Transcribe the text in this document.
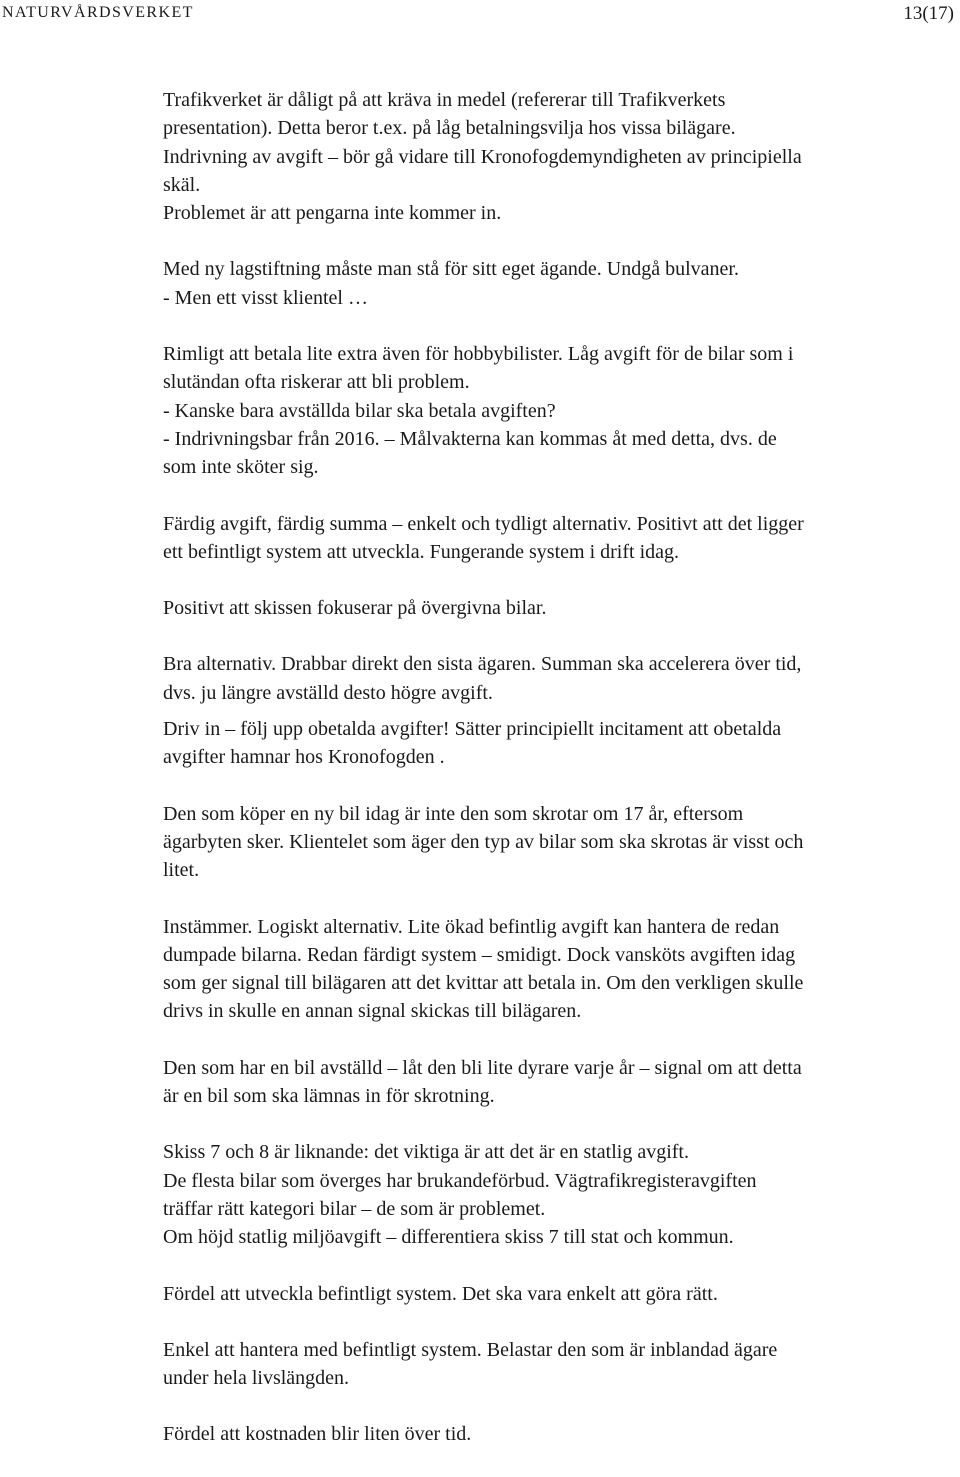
NATURVÅRDSVERKET	13(17)
Trafikverket är dåligt på att kräva in medel (refererar till Trafikverkets
presentation). Detta beror t.ex. på låg betalningsvilja hos vissa bilägare.
Indrivning av avgift – bör gå vidare till Kronofogdemyndigheten av principiella
skäl.
Problemet är att pengarna inte kommer in.
Med ny lagstiftning måste man stå för sitt eget ägande. Undgå bulvaner.
- Men ett visst klientel …
Rimligt att betala lite extra även för hobbybilister. Låg avgift för de bilar som i
slutändan ofta riskerar att bli problem.
- Kanske bara avställda bilar ska betala avgiften?
- Indrivningsbar från 2016. – Målvakterna kan kommas åt med detta, dvs. de
som inte sköter sig.
Färdig avgift, färdig summa – enkelt och tydligt alternativ. Positivt att det ligger
ett befintligt system att utveckla. Fungerande system i drift idag.
Positivt att skissen fokuserar på övergivna bilar.
Bra alternativ. Drabbar direkt den sista ägaren. Summan ska accelerera över tid,
dvs. ju längre avställd desto högre avgift.
Driv in – följ upp obetalda avgifter! Sätter principiellt incitament att obetalda
avgifter hamnar hos Kronofogden .
Den som köper en ny bil idag är inte den som skrotar om 17 år, eftersom
ägarbyten sker. Klientelet som äger den typ av bilar som ska skrotas är visst och
litet.
Instämmer. Logiskt alternativ. Lite ökad befintlig avgift kan hantera de redan
dumpade bilarna. Redan färdigt system – smidigt. Dock vansköts avgiften idag
som ger signal till bilägaren att det kvittar att betala in. Om den verkligen skulle
drivs in skulle en annan signal skickas till bilägaren.
Den som har en bil avställd – låt den bli lite dyrare varje år – signal om att detta
är en bil som ska lämnas in för skrotning.
Skiss 7 och 8 är liknande: det viktiga är att det är en statlig avgift.
De flesta bilar som överges har brukandeförbud. Vägtrafikregisteravgiften
träffar rätt kategori bilar – de som är problemet.
Om höjd statlig miljöavgift – differentiera skiss 7 till stat och kommun.
Fördel att utveckla befintligt system. Det ska vara enkelt att göra rätt.
Enkel att hantera med befintligt system. Belastar den som är inblandad ägare
under hela livslängden.
Fördel att kostnaden blir liten över tid.
